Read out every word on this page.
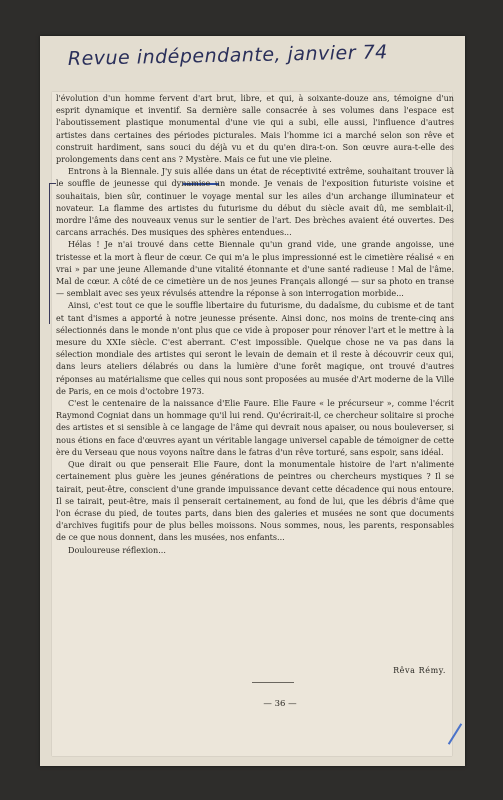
Revue indépendante, janvier 74

l'évolution d'un homme fervent d'art brut, libre, et qui, à soixante-douze ans, témoigne d'un esprit dynamique et inventif. Sa dernière salle consacrée à ses volumes dans l'espace est l'aboutissement plastique monumental d'une vie qui a subi, elle aussi, l'influence d'autres artistes dans certaines des périodes picturales. Mais l'homme ici a marché selon son rêve et construit hardiment, sans souci du déjà vu et du qu'en dira-t-on. Son œuvre aura-t-elle des prolongements dans cent ans ? Mystère. Mais ce fut une vie pleine.

Entrons à la Biennale. J'y suis allée dans un état de réceptivité extrême, souhaitant trouver là le souffle de jeunesse qui dynamise un monde. Je venais de l'exposition futuriste voisine et souhaitais, bien sûr, continuer le voyage mental sur les ailes d'un archange illuminateur et novateur. La flamme des artistes du futurisme du début du siècle avait dû, me semblait-il, mordre l'âme des nouveaux venus sur le sentier de l'art. Des brèches avaient été ouvertes. Des carcans arrachés. Des musiques des sphères entendues...

Hélas ! Je n'ai trouvé dans cette Biennale qu'un grand vide, une grande angoisse, une tristesse et la mort à fleur de cœur. Ce qui m'a le plus impressionné est le cimetière réalisé « en vrai » par une jeune Allemande d'une vitalité étonnante et d'une santé radieuse ! Mal de l'âme. Mal de cœur. A côté de ce cimetière un de nos jeunes Français allongé — sur sa photo en transe — semblait avec ses yeux révulsés attendre la réponse à son interrogation morbide...

Ainsi, c'est tout ce que le souffle libertaire du futurisme, du dadaïsme, du cubisme et de tant et tant d'ismes a apporté à notre jeunesse présente. Ainsi donc, nos moins de trente-cinq ans sélectionnés dans le monde n'ont plus que ce vide à proposer pour rénover l'art et le mettre à la mesure du XXIe siècle. C'est aberrant. C'est impossible. Quelque chose ne va pas dans la sélection mondiale des artistes qui seront le levain de demain et il reste à découvrir ceux qui, dans leurs ateliers délabrés ou dans la lumière d'une forêt magique, ont trouvé d'autres réponses au matérialisme que celles qui nous sont proposées au musée d'Art moderne de la Ville de Paris, en ce mois d'octobre 1973.

C'est le centenaire de la naissance d'Elie Faure. Elie Faure « le précurseur », comme l'écrit Raymond Cogniat dans un hommage qu'il lui rend. Qu'écrirait-il, ce chercheur solitaire si proche des artistes et si sensible à ce langage de l'âme qui devrait nous apaiser, ou nous bouleverser, si nous étions en face d'œuvres ayant un véritable langage universel capable de témoigner de cette ère du Verseau que nous voyons naître dans le fatras d'un rêve torturé, sans espoir, sans idéal.

Que dirait ou que penserait Elie Faure, dont la monumentale histoire de l'art n'alimente certainement plus guère les jeunes générations de peintres ou chercheurs mystiques ? Il se tairait, peut-être, conscient d'une grande impuissance devant cette décadence qui nous entoure. Il se tairait, peut-être, mais il penserait certainement, au fond de lui, que les débris d'âme que l'on écrase du pied, de toutes parts, dans bien des galeries et musées ne sont que documents d'archives fugitifs pour de plus belles moissons. Nous sommes, nous, les parents, responsables de ce que nous donnent, dans les musées, nos enfants...

Douloureuse réflexion...

Rêva Rémy.
— 36 —
